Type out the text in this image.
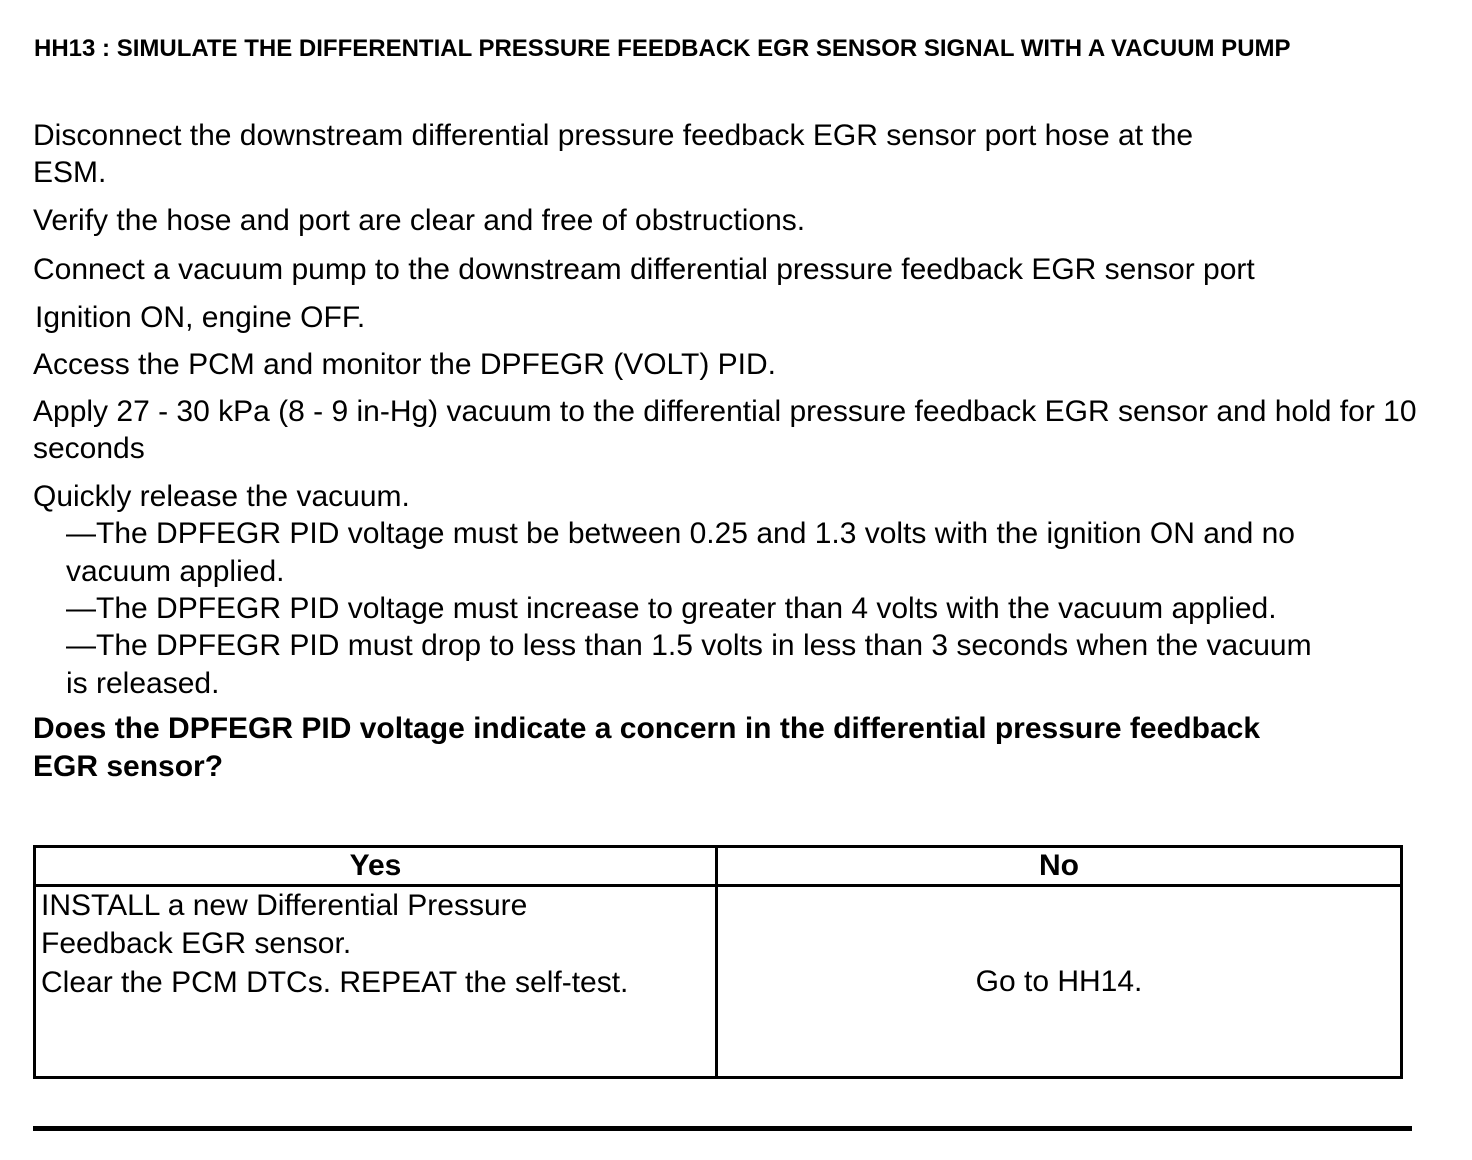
HH13 : SIMULATE THE DIFFERENTIAL PRESSURE FEEDBACK EGR SENSOR SIGNAL WITH A VACUUM PUMP

Disconnect the downstream differential pressure feedback EGR sensor port hose at the ESM.

Verify the hose and port are clear and free of obstructions.

Connect a vacuum pump to the downstream differential pressure feedback EGR sensor port

Ignition ON, engine OFF.

Access the PCM and monitor the DPFEGR (VOLT) PID.

Apply 27 - 30 kPa (8 - 9 in-Hg) vacuum to the differential pressure feedback EGR sensor and hold for 10 seconds

Quickly release the vacuum.

—The DPFEGR PID voltage must be between 0.25 and 1.3 volts with the ignition ON and no vacuum applied.

—The DPFEGR PID voltage must increase to greater than 4 volts with the vacuum applied.

—The DPFEGR PID must drop to less than 1.5 volts in less than 3 seconds when the vacuum is released.

Does the DPFEGR PID voltage indicate a concern in the differential pressure feedback EGR sensor?

Yes	No

INSTALL a new Differential Pressure Feedback EGR sensor.
Clear the PCM DTCs. REPEAT the self-test.	Go to HH14.
